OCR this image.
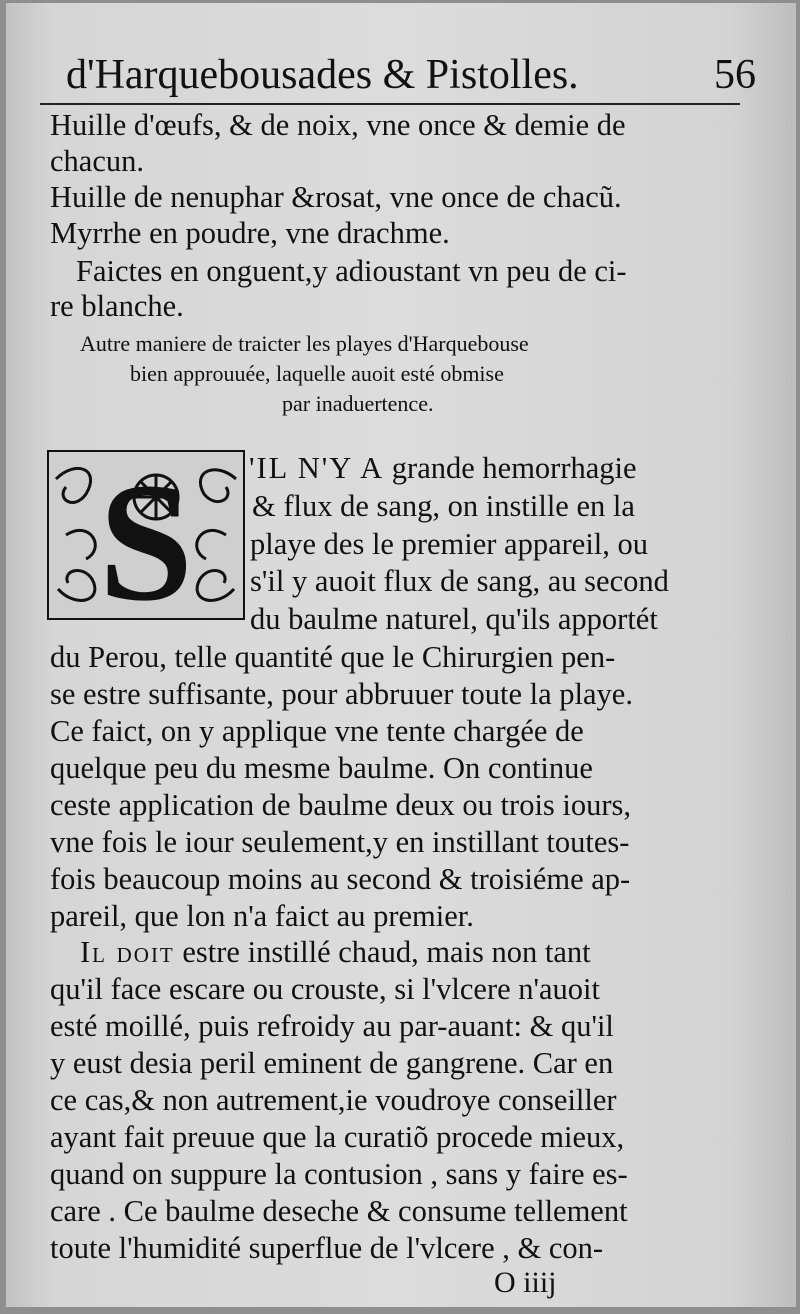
d'Harquebousades & Pistolles.	56
Huille d'œufs, & de noix, vne once & demie de
chacun.
Huille de nenuphar &rosat, vne once de chacũ.
Myrrhe en poudre, vne drachme.
Faictes en onguent,y adioustant vn peu de ci-
re blanche.
Autre maniere de traicter les playes d'Harquebouse
bien approuuée, laquelle auoit esté obmise
par inaduertence.
'IL N'Y A grande hemorrhagie
& flux de sang, on instille en la
playe des le premier appareil, ou
s'il y auoit flux de sang, au second
du baulme naturel, qu'ils apportét
du Perou, telle quantité que le Chirurgien pen-
se estre suffisante, pour abbruuer toute la playe.
Ce faict, on y applique vne tente chargée de
quelque peu du mesme baulme. On continue
ceste application de baulme deux ou trois iours,
vne fois le iour seulement,y en instillant toutes-
fois beaucoup moins au second & troisiéme ap-
pareil, que lon n'a faict au premier.
Il doit estre instillé chaud, mais non tant
qu'il face escare ou crouste, si l'vlcere n'auoit
esté moillé, puis refroidy au par-auant: & qu'il
y eust desia peril eminent de gangrene. Car en
ce cas,& non autrement,ie voudroye conseiller
ayant fait preuue que la curatiõ procede mieux,
quand on suppure la contusion , sans y faire es-
care . Ce baulme deseche & consume tellement
toute l'humidité superflue de l'vlcere , & con-
S
O iiij
